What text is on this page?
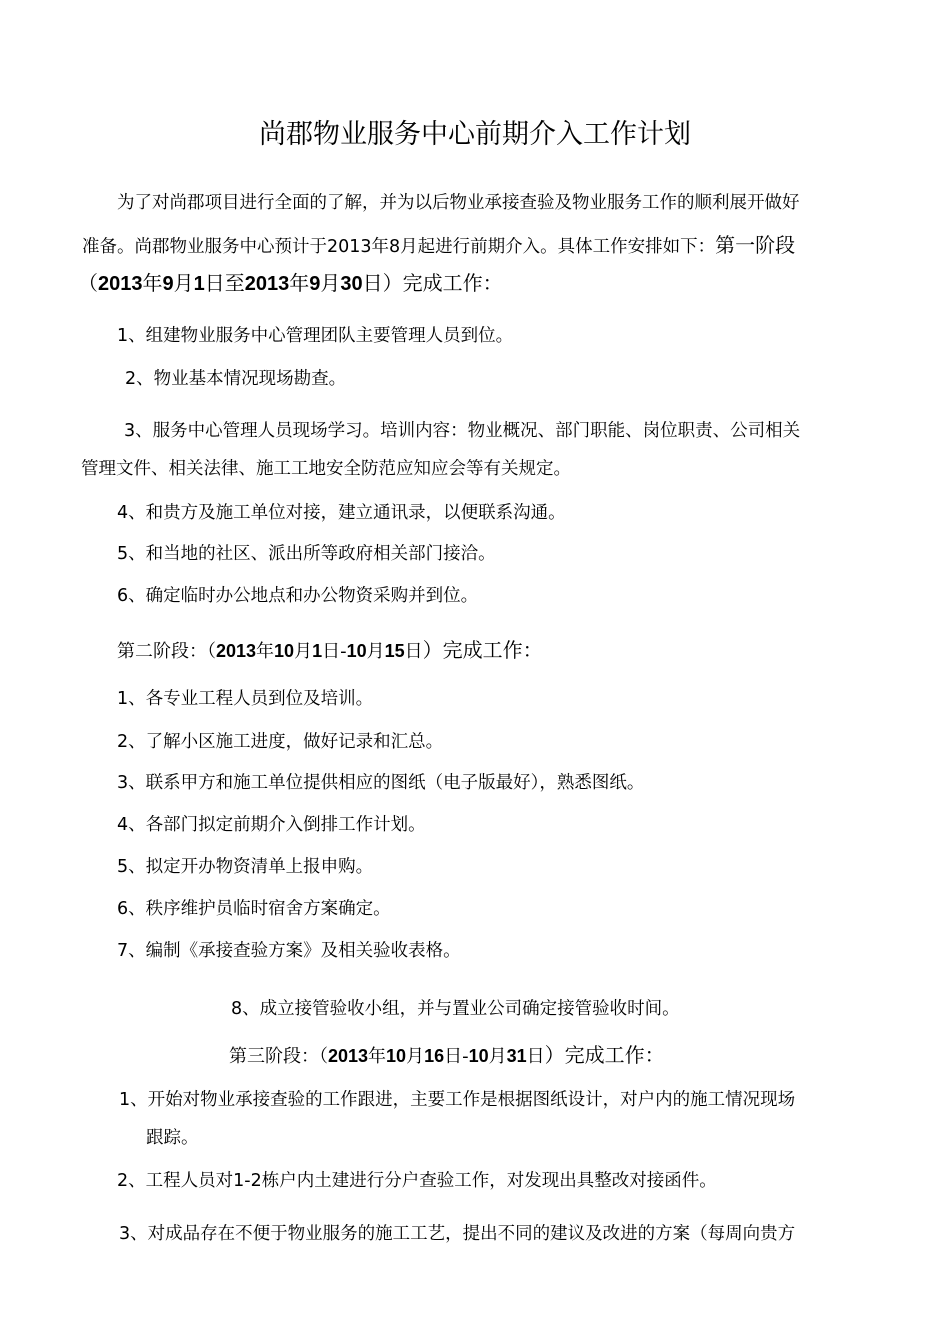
尚郡物业服务中心前期介入工作计划
为了对尚郡项目进行全面的了解，并为以后物业承接查验及物业服务工作的顺利展开做好
准备。尚郡物业服务中心预计于2013年8月起进行前期介入。具体工作安排如下：第一阶段
（2013年9月1日至2013年9月30日）完成工作：
1、组建物业服务中心管理团队主要管理人员到位。
2、物业基本情况现场勘查。
3、服务中心管理人员现场学习。培训内容：物业概况、部门职能、岗位职责、公司相关
管理文件、相关法律、施工工地安全防范应知应会等有关规定。
4、和贵方及施工单位对接，建立通讯录，以便联系沟通。
5、和当地的社区、派出所等政府相关部门接洽。
6、确定临时办公地点和办公物资采购并到位。
第二阶段：（2013年10月1日-10月15日）完成工作：
1、各专业工程人员到位及培训。
2、了解小区施工进度，做好记录和汇总。
3、联系甲方和施工单位提供相应的图纸（电子版最好），熟悉图纸。
4、各部门拟定前期介入倒排工作计划。
5、拟定开办物资清单上报申购。
6、秩序维护员临时宿舍方案确定。
7、编制《承接查验方案》及相关验收表格。
8、成立接管验收小组，并与置业公司确定接管验收时间。
第三阶段：（2013年10月16日-10月31日）完成工作：
1、开始对物业承接查验的工作跟进，主要工作是根据图纸设计，对户内的施工情况现场
跟踪。
2、工程人员对1-2栋户内土建进行分户查验工作，对发现出具整改对接函件。
3、对成品存在不便于物业服务的施工工艺，提出不同的建议及改进的方案（每周向贵方
